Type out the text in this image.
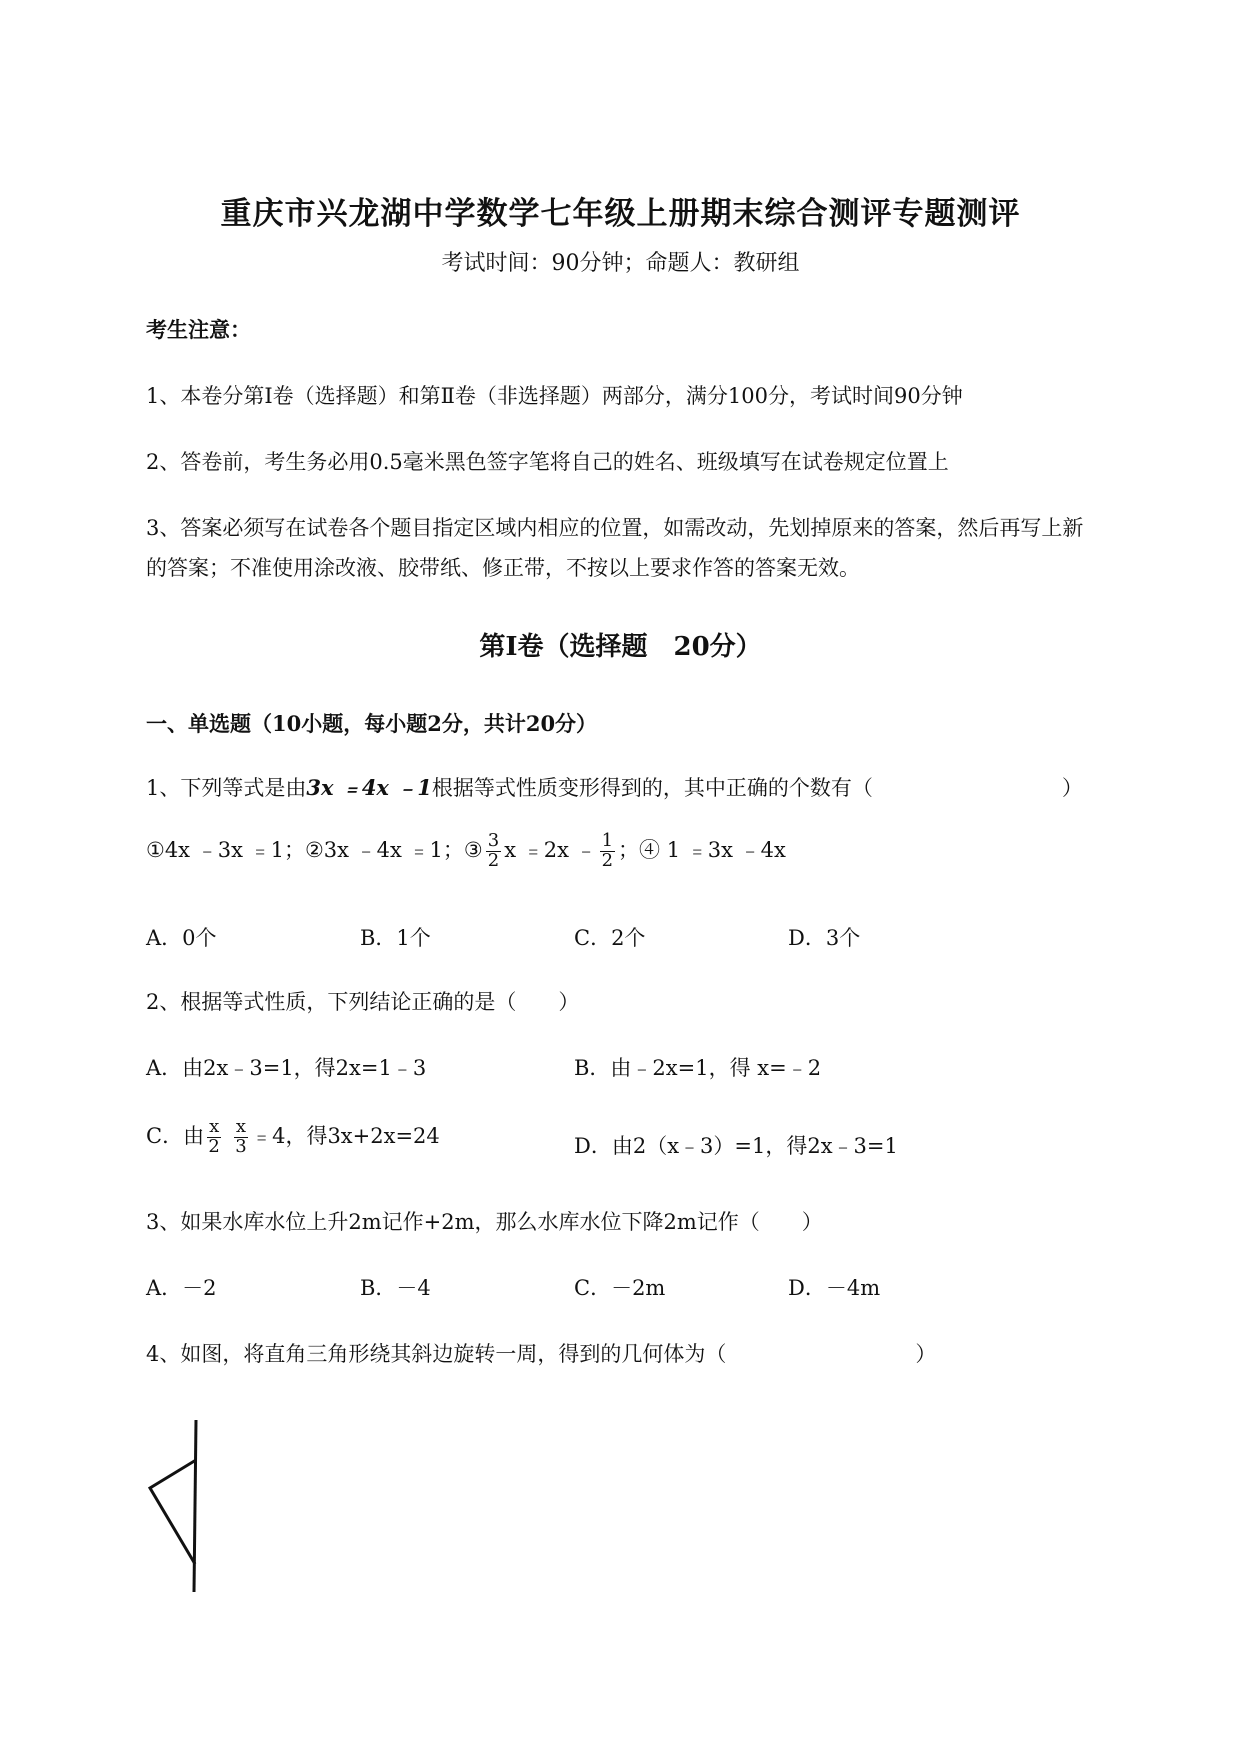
重庆市兴龙湖中学数学七年级上册期末综合测评专题测评
考试时间：90分钟；命题人：教研组
考生注意：
1、本卷分第I卷（选择题）和第Ⅱ卷（非选择题）两部分，满分100分，考试时间90分钟
2、答卷前，考生务必用0.5毫米黑色签字笔将自己的姓名、班级填写在试卷规定位置上
3、答案必须写在试卷各个题目指定区域内相应的位置，如需改动，先划掉原来的答案，然后再写上新
的答案；不准使用涂改液、胶带纸、修正带，不按以上要求作答的答案无效。
第I卷（选择题　20分）
一、单选题（10小题，每小题2分，共计20分）
1、下列等式是由3x ﹦4x ﹣1根据等式性质变形得到的，其中正确的个数有（　　　　　　　　　）
①4x ﹣3x ﹦1；②3x ﹣4x ﹦1；③ $\frac{3}{2}$ x ﹦2x ﹣ $\frac{1}{2}$ ；④ 1 ﹦3x ﹣4x
A．0个	B．1个	C．2个	D．3个
2、根据等式性质，下列结论正确的是（　　）
A．由2x﹣3=1，得2x=1﹣3	B．由﹣2x=1，得 x=﹣2
C．由 $\frac{x}{2}$
$\frac{x}{3}$ ﹦4，得3x+2x=24	D．由2（x﹣3）=1，得2x﹣3=1
3、如果水库水位上升2m记作+2m，那么水库水位下降2m记作（　　）
A．－2	B．－4	C．－2m	D．－4m
4、如图，将直角三角形绕其斜边旋转一周，得到的几何体为（　　　　　　　　　）
